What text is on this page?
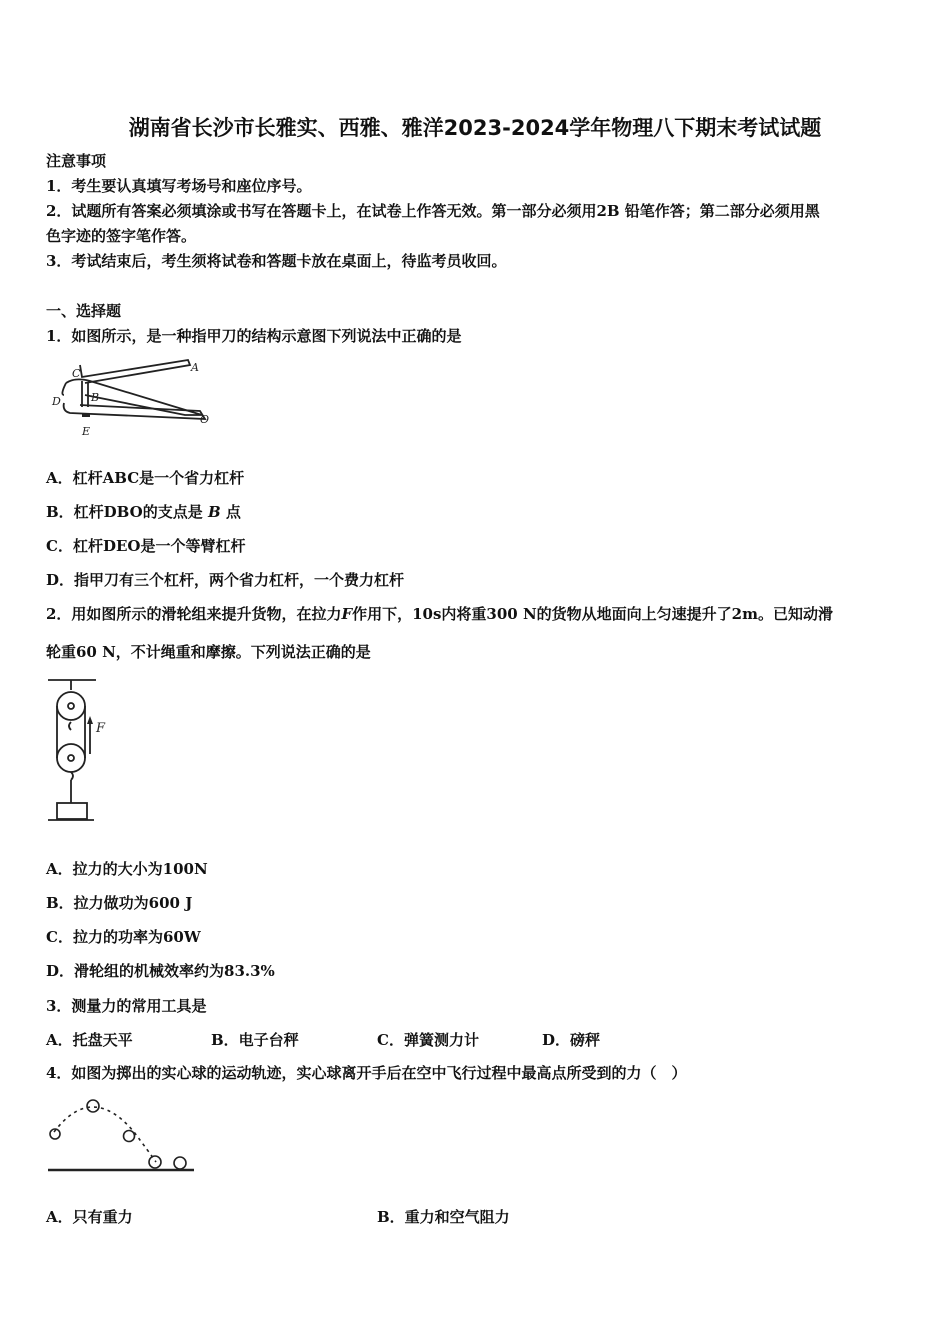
湖南省长沙市长雅实、西雅、雅洋2023-2024学年物理八下期末考试试题
注意事项
1．考生要认真填写考场号和座位序号。
2．试题所有答案必须填涂或书写在答题卡上，在试卷上作答无效。第一部分必须用2B 铅笔作答；第二部分必须用黑
色字迹的签字笔作答。
3．考试结束后，考生须将试卷和答题卡放在桌面上，待监考员收回。
一、选择题
1．如图所示，是一种指甲刀的结构示意图下列说法中正确的是
C	A
B
D
E
O
A．杠杆ABC是一个省力杠杆
B．杠杆DBO的支点是 B 点
C．杠杆DEO是一个等臂杠杆
D．指甲刀有三个杠杆，两个省力杠杆，一个费力杠杆
2．用如图所示的滑轮组来提升货物，在拉力F作用下，10s内将重300 N的货物从地面向上匀速提升了2m。已知动滑
轮重60 N，不计绳重和摩擦。下列说法正确的是
F
A．拉力的大小为100N
B．拉力做功为600 J
C．拉力的功率为60W
D．滑轮组的机械效率约为83.3%
3．测量力的常用工具是
A．托盘天平	B．电子台秤	C．弹簧测力计	D．磅秤
4．如图为掷出的实心球的运动轨迹，实心球离开手后在空中飞行过程中最高点所受到的力（　）
A．只有重力	B．重力和空气阻力
